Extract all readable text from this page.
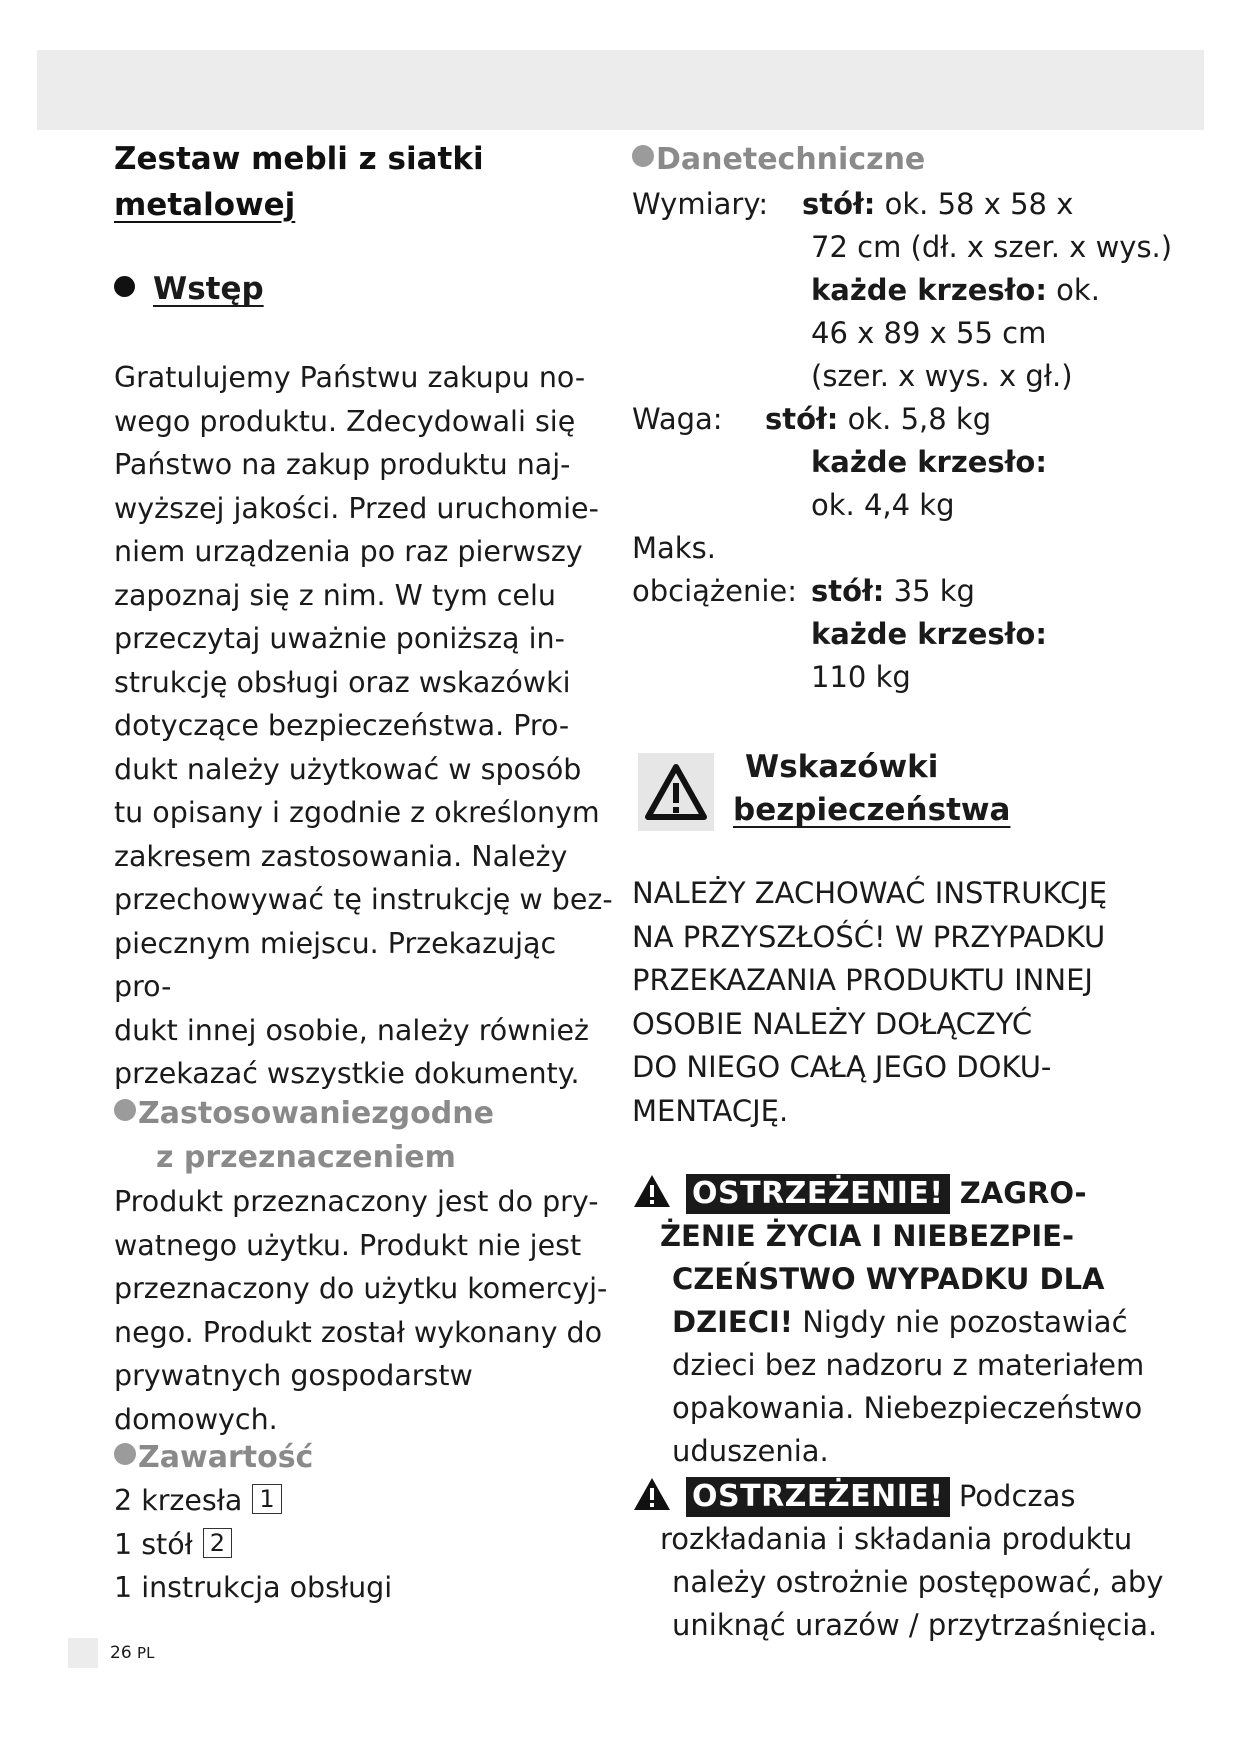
Zestaw mebli z siatki
metalowej
Wstęp
Gratulujemy Państwu zakupu no-
wego produktu. Zdecydowali się
Państwo na zakup produktu naj-
wyższej jakości. Przed uruchomie-
niem urządzenia po raz pierwszy
zapoznaj się z nim. W tym celu
przeczytaj uważnie poniższą in-
strukcję obsługi oraz wskazówki
dotyczące bezpieczeństwa. Pro-
dukt należy użytkować w sposób
tu opisany i zgodnie z określonym
zakresem zastosowania. Należy
przechowywać tę instrukcję w bez-
piecznym miejscu. Przekazując pro-
dukt innej osobie, należy również
przekazać wszystkie dokumenty.
Zastosowaniezgodne
z przeznaczeniem
Produkt przeznaczony jest do pry-
watnego użytku. Produkt nie jest
przeznaczony do użytku komercyj-
nego. Produkt został wykonany do
prywatnych gospodarstw domowych.
Zawartość
2 krzesła 1
1 stół 2
1 instrukcja obsługi
Danetechniczne
Wymiary: stół: ok. 58 x 58 x
72 cm (dł. x szer. x wys.)
każde krzesło: ok.
46 x 89 x 55 cm
(szer. x wys. x gł.)
Waga: stół: ok. 5,8 kg
każde krzesło:
ok. 4,4 kg
Maks.
obciążenie: stół: 35 kg
każde krzesło:
110 kg
Wskazówki
bezpieczeństwa
NALEŻY ZACHOWAĆ INSTRUKCJĘ
NA PRZYSZŁOŚĆ! W PRZYPADKU
PRZEKAZANIA PRODUKTU INNEJ
OSOBIE NALEŻY DOŁĄCZYĆ
DO NIEGO CAŁĄ JEGO DOKU-
MENTACJĘ.
OSTRZEŻENIE! ZAGRO-
ŻENIE ŻYCIA I NIEBEZPIE-
CZEŃSTWO WYPADKU DLA
DZIECI! Nigdy nie pozostawiać
dzieci bez nadzoru z materiałem
opakowania. Niebezpieczeństwo
uduszenia.
OSTRZEŻENIE! Podczas
rozkładania i składania produktu
należy ostrożnie postępować, aby
uniknąć urazów / przytrzaśnięcia.
26 PL
